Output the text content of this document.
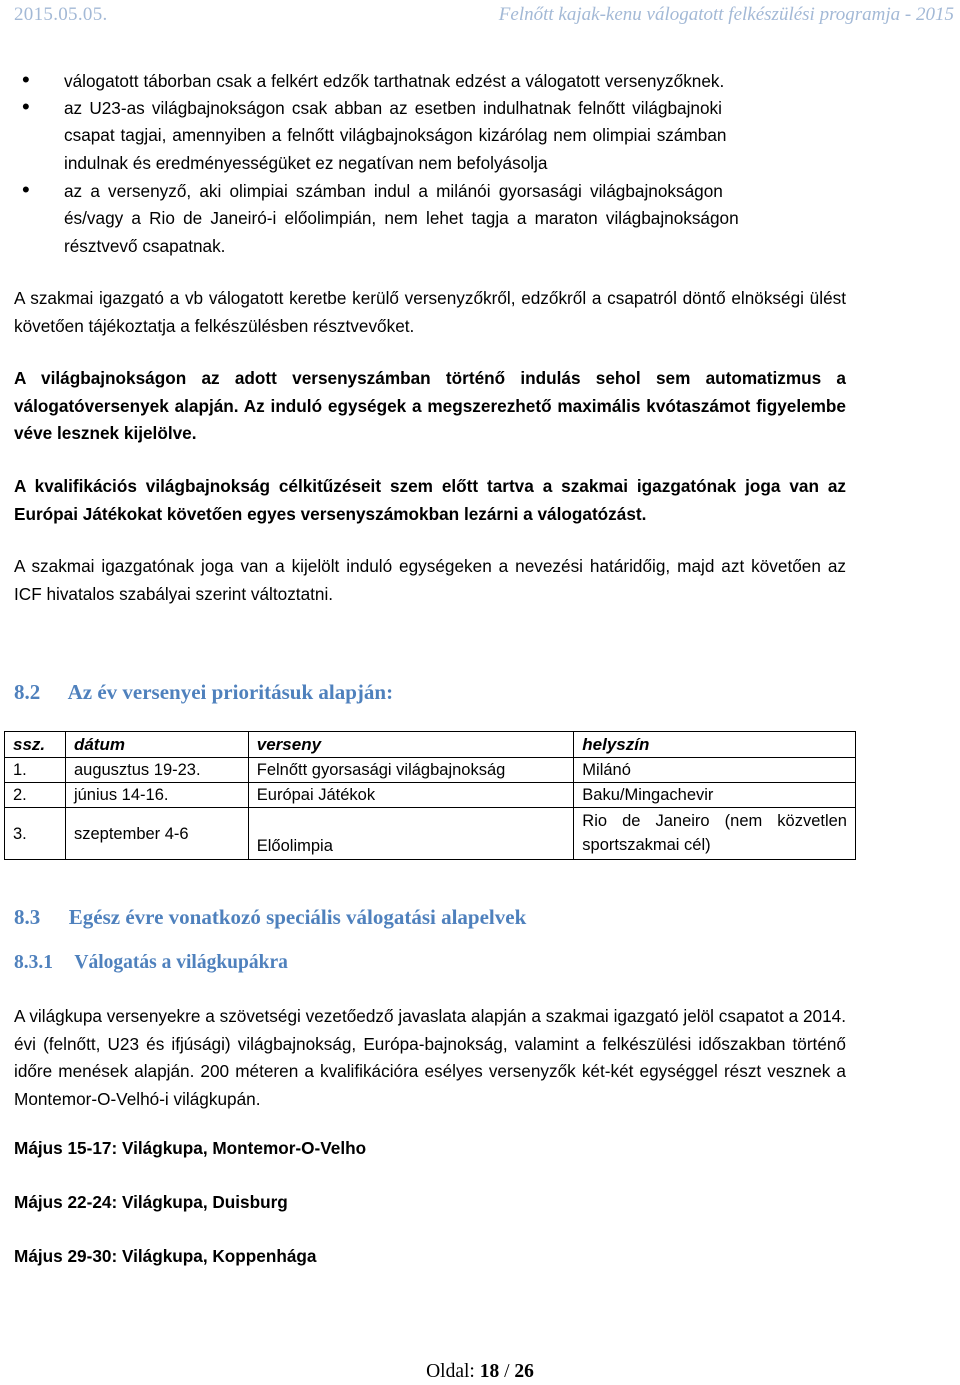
2015.05.05.	Felnőtt kajak-kenu válogatott felkészülési programja - 2015
•	válogatott táborban csak a felkért edzők tarthatnak edzést a válogatott versenyzőknek.
•	az U23-as világbajnokságon csak abban az esetben indulhatnak felnőtt világbajnoki
csapat tagjai, amennyiben a felnőtt világbajnokságon kizárólag nem olimpiai számban
indulnak és eredményességüket ez negatívan nem befolyásolja
•	az a versenyző, aki olimpiai számban indul a milánói gyorsasági világbajnokságon
és/vagy a Rio de Janeiró-i előolimpián, nem lehet tagja a maraton világbajnokságon
résztvevő csapatnak.
A szakmai igazgató a vb válogatott keretbe kerülő versenyzőkről, edzőkről a csapatról döntő elnökségi ülést követően tájékoztatja a felkészülésben résztvevőket.
A világbajnokságon az adott versenyszámban történő indulás sehol sem automatizmus a válogatóversenyek alapján. Az induló egységek a megszerezhető maximális kvótaszámot figyelembe véve lesznek kijelölve.
A kvalifikációs világbajnokság célkitűzéseit szem előtt tartva a szakmai igazgatónak joga van az Európai Játékokat követően egyes versenyszámokban lezárni a válogatózást.
A szakmai igazgatónak joga van a kijelölt induló egységeken a nevezési határidőig, majd azt követően az ICF hivatalos szabályai szerint változtatni.
8.2 Az év versenyei prioritásuk alapján:
ssz.	dátum	verseny	helyszín
1.	augusztus 19-23.	Felnőtt gyorsasági világbajnokság	Milánó
2.	június 14-16.	Európai Játékok	Baku/Mingachevir
3.	szeptember 4-6	Előolimpia	Rio de Janeiro (nem közvetlen sportszakmai cél)
8.3 Egész évre vonatkozó speciális válogatási alapelvek
8.3.1 Válogatás a világkupákra
A világkupa versenyekre a szövetségi vezetőedző javaslata alapján a szakmai igazgató jelöl csapatot a 2014. évi (felnőtt, U23 és ifjúsági) világbajnokság, Európa-bajnokság, valamint a felkészülési időszakban történő időre menések alapján. 200 méteren a kvalifikációra esélyes versenyzők két-két egységgel részt vesznek a Montemor-O-Velhó-i világkupán.
Május 15-17: Világkupa, Montemor-O-Velho
Május 22-24: Világkupa, Duisburg
Május 29-30: Világkupa, Koppenhága
Oldal: 18 / 26
